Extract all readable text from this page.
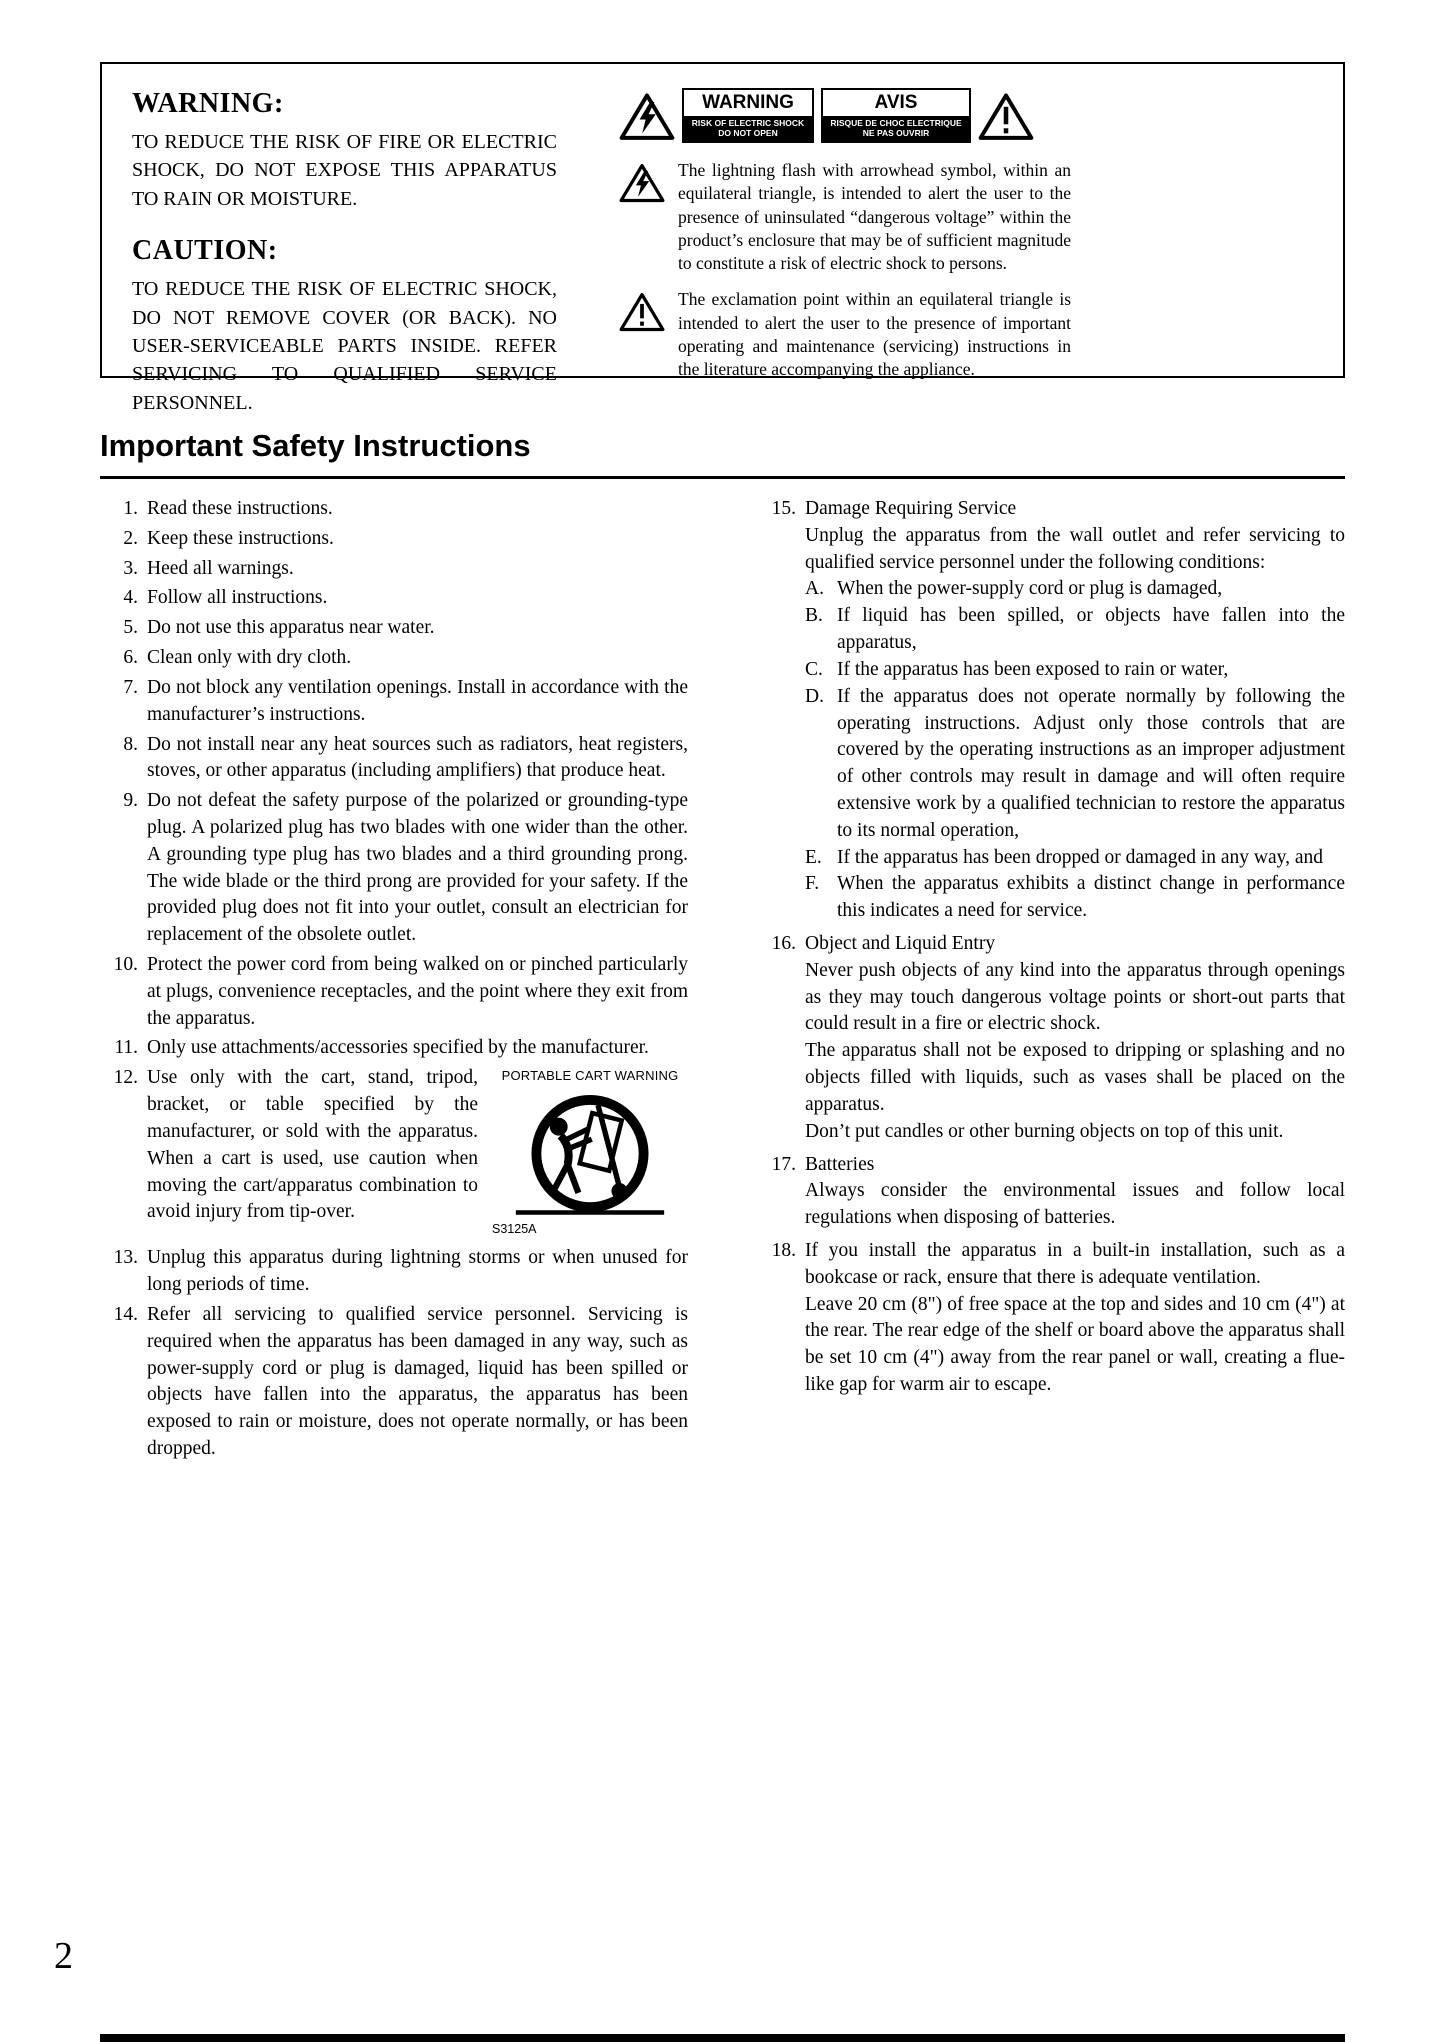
WARNING:

TO REDUCE THE RISK OF FIRE OR ELECTRIC SHOCK, DO NOT EXPOSE THIS APPARATUS TO RAIN OR MOISTURE.

CAUTION:

TO REDUCE THE RISK OF ELECTRIC SHOCK, DO NOT REMOVE COVER (OR BACK). NO USER-SERVICEABLE PARTS INSIDE. REFER SERVICING TO QUALIFIED SERVICE PERSONNEL.

WARNING
RISK OF ELECTRIC SHOCK
DO NOT OPEN
AVIS
RISQUE DE CHOC ELECTRIQUE
NE PAS OUVRIR

The lightning flash with arrowhead symbol, within an equilateral triangle, is intended to alert the user to the presence of uninsulated “dangerous voltage” within the product’s enclosure that may be of sufficient magnitude to constitute a risk of electric shock to persons.

The exclamation point within an equilateral triangle is intended to alert the user to the presence of important operating and maintenance (servicing) instructions in the literature accompanying the appliance.

Important Safety Instructions
1. Read these instructions.
2. Keep these instructions.
3. Heed all warnings.
4. Follow all instructions.
5. Do not use this apparatus near water.
6. Clean only with dry cloth.
7. Do not block any ventilation openings. Install in accordance with the manufacturer’s instructions.
8. Do not install near any heat sources such as radiators, heat registers, stoves, or other apparatus (including amplifiers) that produce heat.
9. Do not defeat the safety purpose of the polarized or grounding-type plug. A polarized plug has two blades with one wider than the other. A grounding type plug has two blades and a third grounding prong. The wide blade or the third prong are provided for your safety. If the provided plug does not fit into your outlet, consult an electrician for replacement of the obsolete outlet.
10. Protect the power cord from being walked on or pinched particularly at plugs, convenience receptacles, and the point where they exit from the apparatus.
11. Only use attachments/accessories specified by the manufacturer.
12.	PORTABLE CART WARNING
S3125A
Use only with the cart, stand, tripod, bracket, or table specified by the manufacturer, or sold with the apparatus. When a cart is used, use caution when moving the cart/apparatus combination to avoid injury from tip-over.
13. Unplug this apparatus during lightning storms or when unused for long periods of time.
14. Refer all servicing to qualified service personnel. Servicing is required when the apparatus has been damaged in any way, such as power-supply cord or plug is damaged, liquid has been spilled or objects have fallen into the apparatus, the apparatus has been exposed to rain or moisture, does not operate normally, or has been dropped.
15. Damage Requiring Service

Unplug the apparatus from the wall outlet and refer servicing to qualified service personnel under the following conditions:

A. When the power-supply cord or plug is damaged,
B. If liquid has been spilled, or objects have fallen into the apparatus,
C. If the apparatus has been exposed to rain or water,
D. If the apparatus does not operate normally by following the operating instructions. Adjust only those controls that are covered by the operating instructions as an improper adjustment of other controls may result in damage and will often require extensive work by a qualified technician to restore the apparatus to its normal operation,
E. If the apparatus has been dropped or damaged in any way, and
F. When the apparatus exhibits a distinct change in performance this indicates a need for service.
16. Object and Liquid Entry

Never push objects of any kind into the apparatus through openings as they may touch dangerous voltage points or short-out parts that could result in a fire or electric shock.

The apparatus shall not be exposed to dripping or splashing and no objects filled with liquids, such as vases shall be placed on the apparatus.

Don’t put candles or other burning objects on top of this unit.

17. Batteries

Always consider the environmental issues and follow local regulations when disposing of batteries.

18. If you install the apparatus in a built-in installation, such as a bookcase or rack, ensure that there is adequate ventilation.

Leave 20 cm (8") of free space at the top and sides and 10 cm (4") at the rear. The rear edge of the shelf or board above the apparatus shall be set 10 cm (4") away from the rear panel or wall, creating a flue-like gap for warm air to escape.

2
